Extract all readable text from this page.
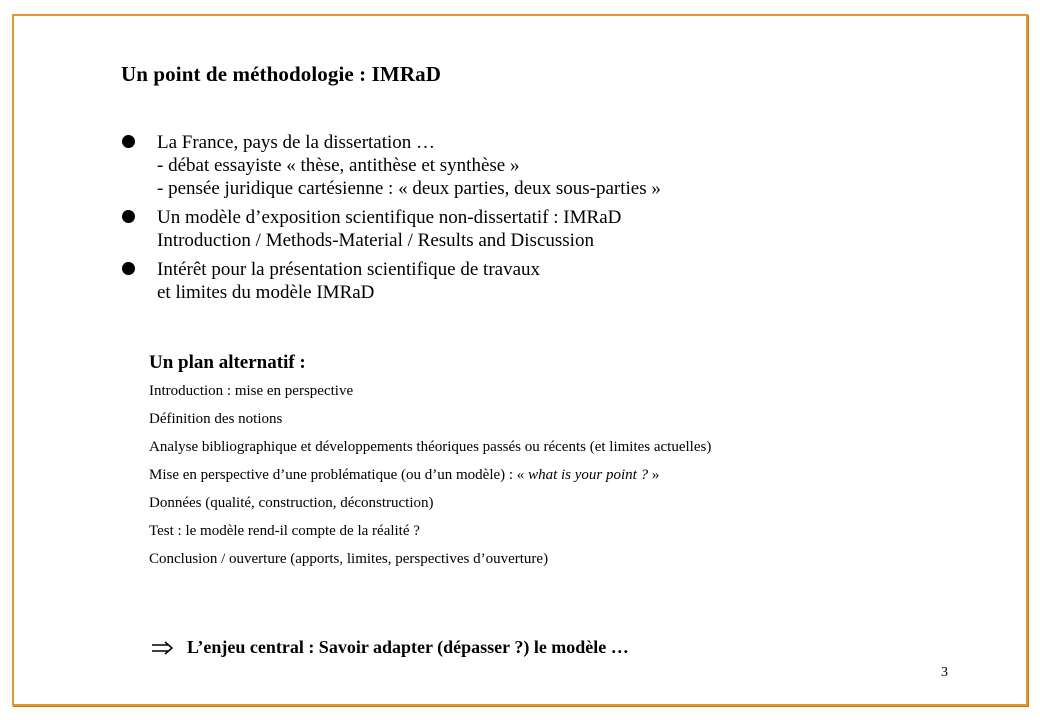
Un point de méthodologie : IMRaD
La France, pays de la dissertation …
- débat essayiste « thèse, antithèse et synthèse »
- pensée juridique cartésienne : « deux parties, deux sous-parties »
Un modèle d’exposition scientifique non-dissertatif : IMRaD
Introduction / Methods-Material / Results and Discussion
Intérêt pour la présentation scientifique de travaux
et limites du modèle IMRaD
Un plan alternatif :
Introduction : mise en perspective
Définition des notions
Analyse bibliographique et développements théoriques passés ou récents (et limites actuelles)
Mise en perspective d’une problématique (ou d’un modèle) : « what is your point ? »
Données (qualité, construction, déconstruction)
Test : le modèle rend-il compte de la réalité ?
Conclusion / ouverture (apports, limites, perspectives d’ouverture)
L’enjeu central : Savoir adapter (dépasser ?) le modèle …
3
